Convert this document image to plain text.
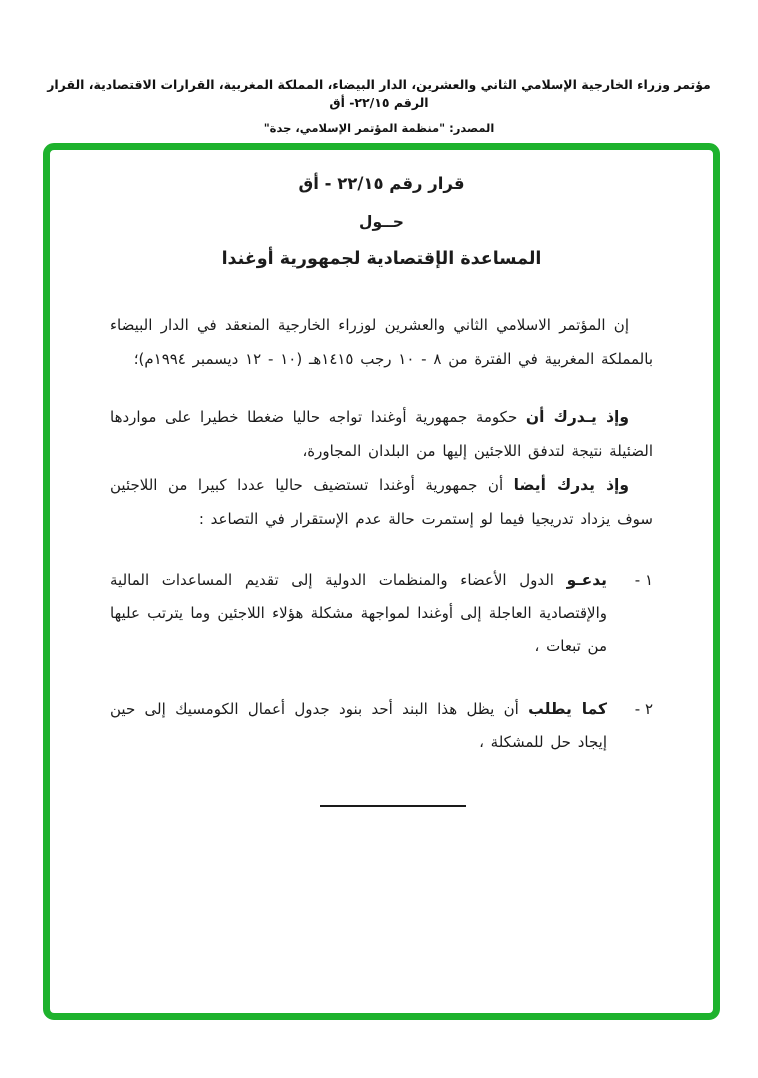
مؤتمر وزراء الخارجية الإسلامي الثاني والعشرين، الدار البيضاء، المملكة المغربية، القرارات الاقتصادية، القرار الرقم ٢٢/١٥- أق
المصدر: "منظمة المؤتمر الإسلامي، جدة"
قرار رقم ٢٢/١٥ - أق
حــول
المساعدة الإقتصادية لجمهورية أوغندا

إن المؤتمر الاسلامي الثاني والعشرين لوزراء الخارجية المنعقد في الدار البيضاء بالمملكة المغربية في الفترة من ٨ - ١٠ رجب ١٤١٥هـ (١٠ - ١٢ ديسمبر ١٩٩٤م)؛

وإذ يـدرك أن حكومة جمهورية أوغندا تواجه حاليا ضغطا خطيرا على مواردها الضئيلة نتيجة لتدفق اللاجئين إليها من البلدان المجاورة،

وإذ يدرك أيضا أن جمهورية أوغندا تستضيف حاليا عددا كبيرا من اللاجئين سوف يزداد تدريجيا فيما لو إستمرت حالة عدم الإستقرار في التصاعد :

١ -
يدعـو الدول الأعضاء والمنظمات الدولية إلى تقديم المساعدات المالية والإقتصادية العاجلة إلى أوغندا لمواجهة مشكلة هؤلاء اللاجئين وما يترتب عليها من تبعات ،
٢ -
كما يطلب أن يظل هذا البند أحد بنود جدول أعمال الكومسيك إلى حين إيجاد حل للمشكلة ،
